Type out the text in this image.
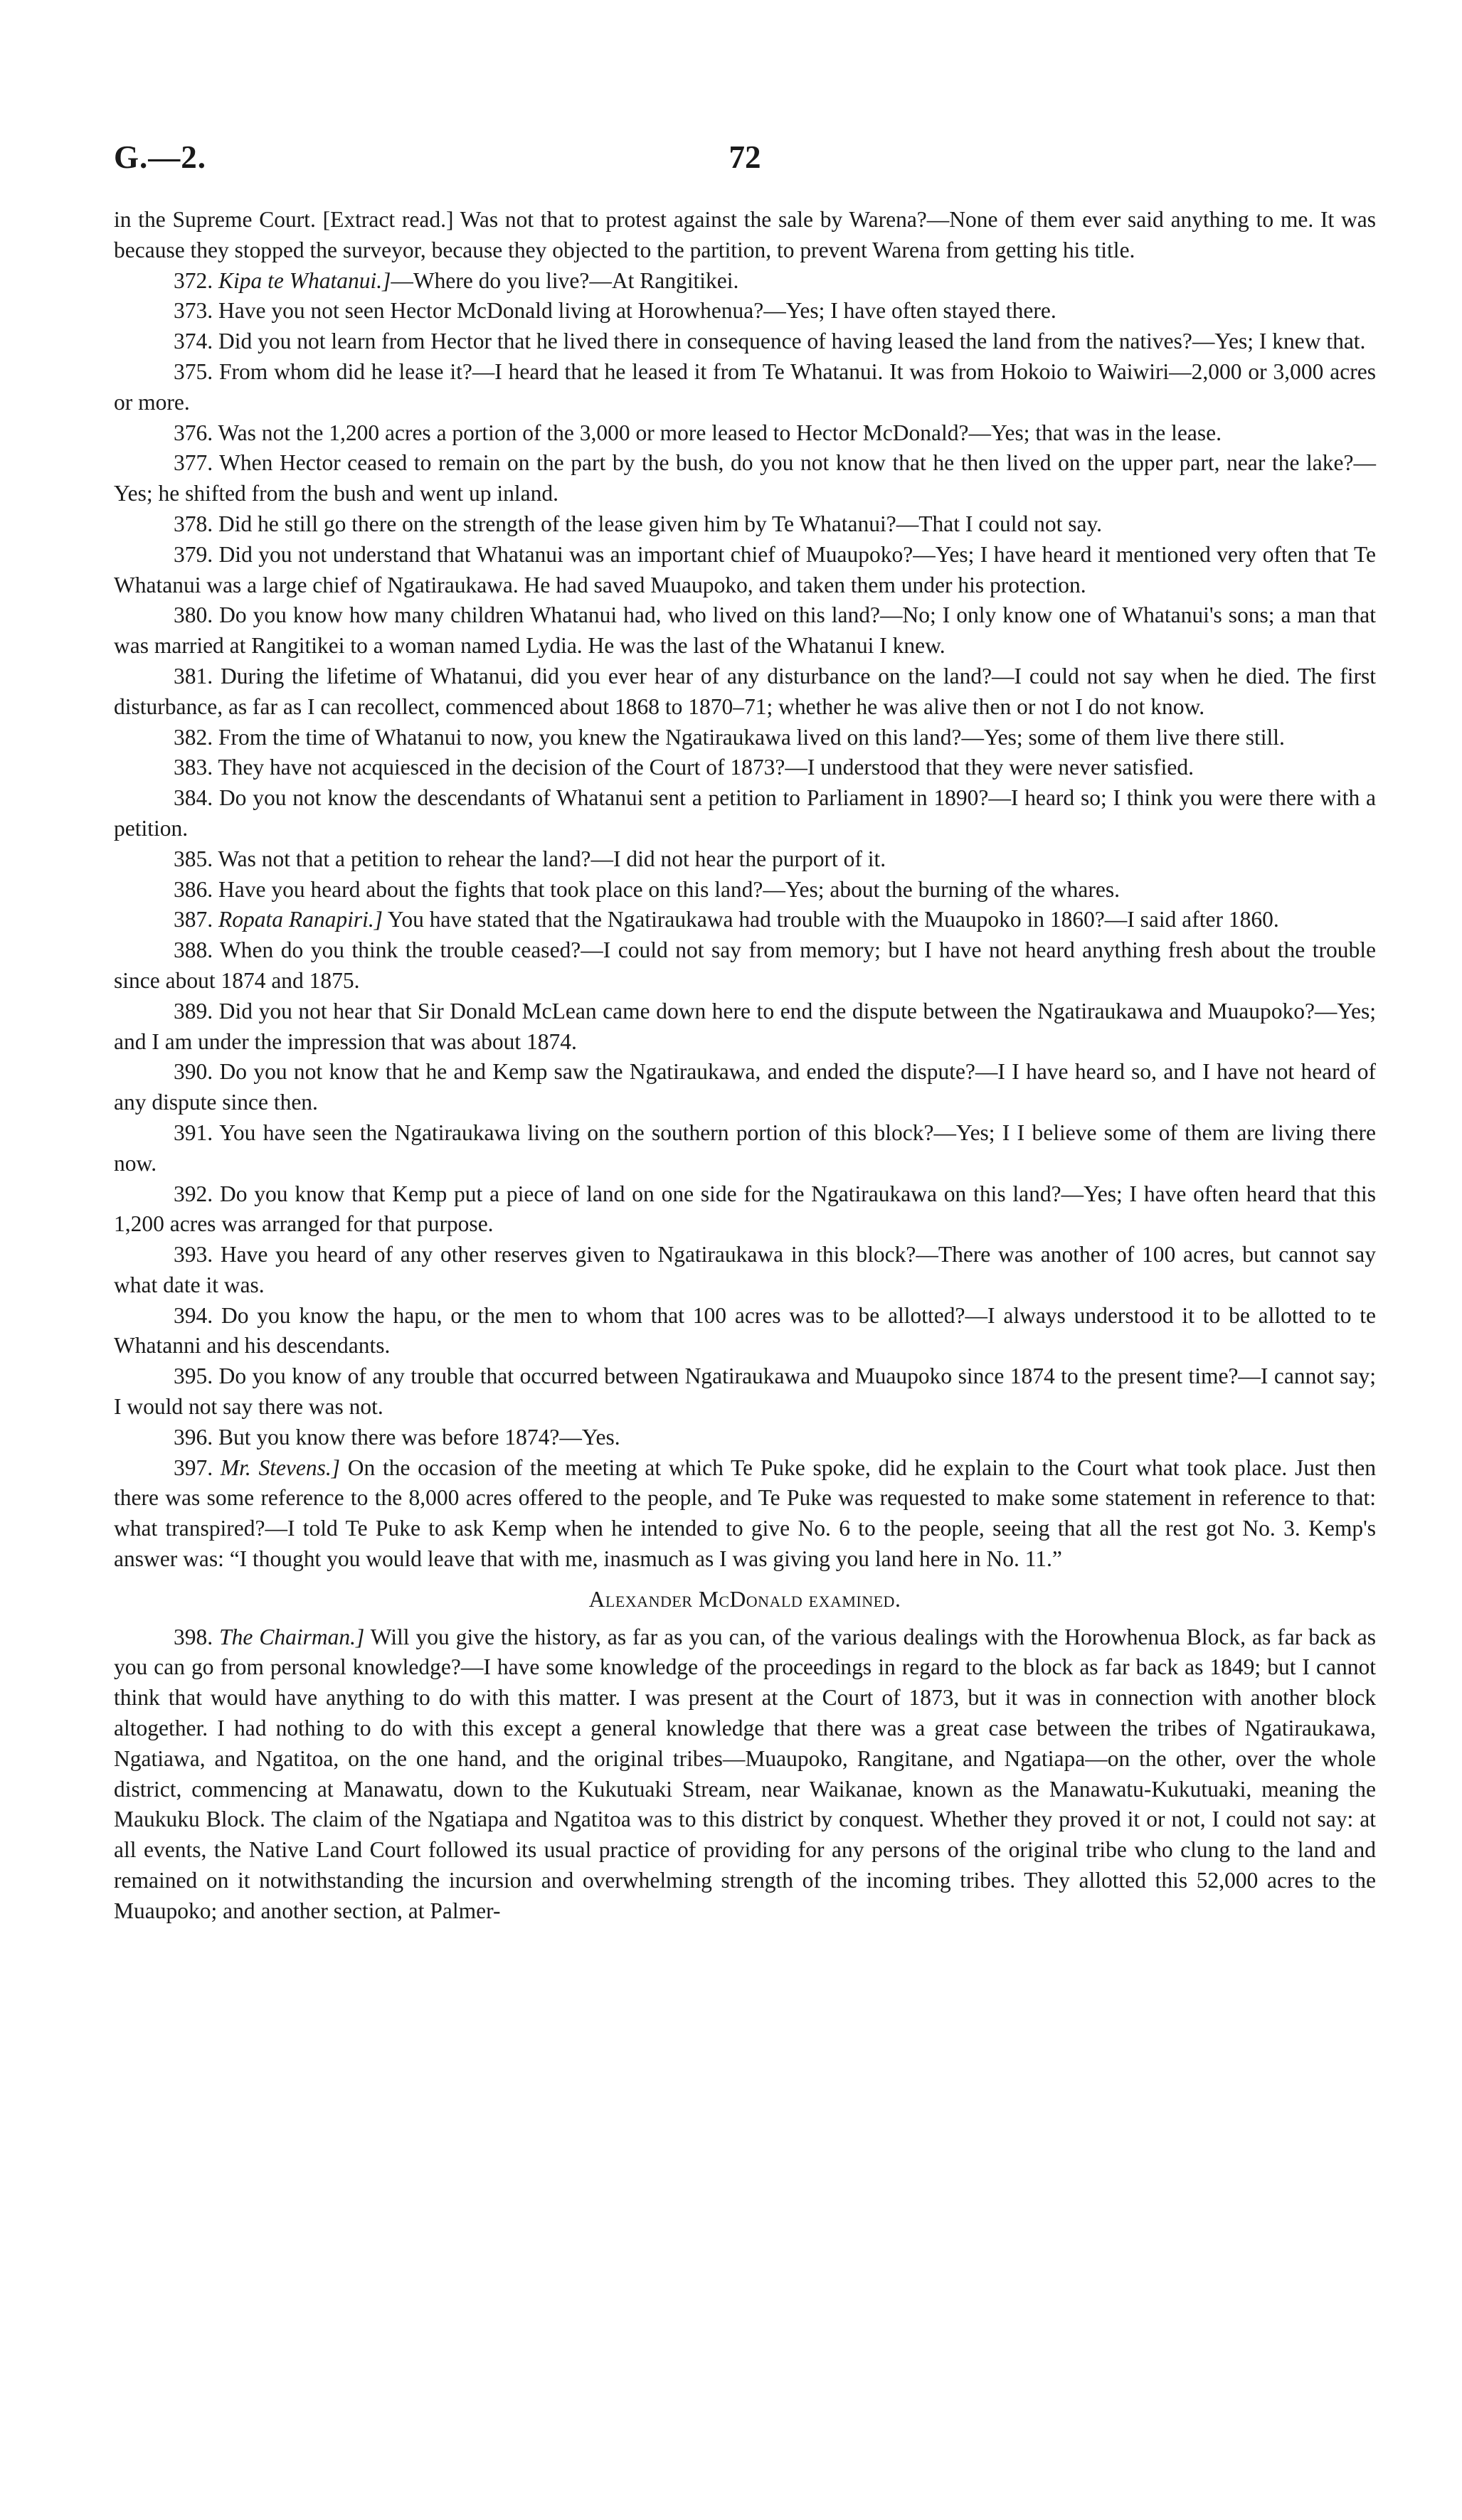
G.—2.	72

in the Supreme Court. [Extract read.] Was not that to protest against the sale by Warena?—None of them ever said anything to me. It was because they stopped the surveyor, because they objected to the partition, to prevent Warena from getting his title.

372. Kipa te Whatanui.]—Where do you live?—At Rangitikei.

373. Have you not seen Hector McDonald living at Horowhenua?—Yes; I have often stayed there.

374. Did you not learn from Hector that he lived there in consequence of having leased the land from the natives?—Yes; I knew that.

375. From whom did he lease it?—I heard that he leased it from Te Whatanui. It was from Hokoio to Waiwiri—2,000 or 3,000 acres or more.

376. Was not the 1,200 acres a portion of the 3,000 or more leased to Hector McDonald?—Yes; that was in the lease.

377. When Hector ceased to remain on the part by the bush, do you not know that he then lived on the upper part, near the lake?—Yes; he shifted from the bush and went up inland.

378. Did he still go there on the strength of the lease given him by Te Whatanui?—That I could not say.

379. Did you not understand that Whatanui was an important chief of Muaupoko?—Yes; I have heard it mentioned very often that Te Whatanui was a large chief of Ngatiraukawa. He had saved Muaupoko, and taken them under his protection.

380. Do you know how many children Whatanui had, who lived on this land?—No; I only know one of Whatanui's sons; a man that was married at Rangitikei to a woman named Lydia. He was the last of the Whatanui I knew.

381. During the lifetime of Whatanui, did you ever hear of any disturbance on the land?—I could not say when he died. The first disturbance, as far as I can recollect, commenced about 1868 to 1870–71; whether he was alive then or not I do not know.

382. From the time of Whatanui to now, you knew the Ngatiraukawa lived on this land?—Yes; some of them live there still.

383. They have not acquiesced in the decision of the Court of 1873?—I understood that they were never satisfied.

384. Do you not know the descendants of Whatanui sent a petition to Parliament in 1890?—I heard so; I think you were there with a petition.

385. Was not that a petition to rehear the land?—I did not hear the purport of it.

386. Have you heard about the fights that took place on this land?—Yes; about the burning of the whares.

387. Ropata Ranapiri.] You have stated that the Ngatiraukawa had trouble with the Muaupoko in 1860?—I said after 1860.

388. When do you think the trouble ceased?—I could not say from memory; but I have not heard anything fresh about the trouble since about 1874 and 1875.

389. Did you not hear that Sir Donald McLean came down here to end the dispute between the Ngatiraukawa and Muaupoko?—Yes; and I am under the impression that was about 1874.

390. Do you not know that he and Kemp saw the Ngatiraukawa, and ended the dispute?—I I have heard so, and I have not heard of any dispute since then.

391. You have seen the Ngatiraukawa living on the southern portion of this block?—Yes; I I believe some of them are living there now.

392. Do you know that Kemp put a piece of land on one side for the Ngatiraukawa on this land?—Yes; I have often heard that this 1,200 acres was arranged for that purpose.

393. Have you heard of any other reserves given to Ngatiraukawa in this block?—There was another of 100 acres, but cannot say what date it was.

394. Do you know the hapu, or the men to whom that 100 acres was to be allotted?—I always understood it to be allotted to te Whatanni and his descendants.

395. Do you know of any trouble that occurred between Ngatiraukawa and Muaupoko since 1874 to the present time?—I cannot say; I would not say there was not.

396. But you know there was before 1874?—Yes.

397. Mr. Stevens.] On the occasion of the meeting at which Te Puke spoke, did he explain to the Court what took place. Just then there was some reference to the 8,000 acres offered to the people, and Te Puke was requested to make some statement in reference to that: what transpired?—I told Te Puke to ask Kemp when he intended to give No. 6 to the people, seeing that all the rest got No. 3. Kemp's answer was: “I thought you would leave that with me, inasmuch as I was giving you land here in No. 11.”

Alexander McDonald examined.

398. The Chairman.] Will you give the history, as far as you can, of the various dealings with the Horowhenua Block, as far back as you can go from personal knowledge?—I have some knowledge of the proceedings in regard to the block as far back as 1849; but I cannot think that would have anything to do with this matter. I was present at the Court of 1873, but it was in connection with another block altogether. I had nothing to do with this except a general knowledge that there was a great case between the tribes of Ngatiraukawa, Ngatiawa, and Ngatitoa, on the one hand, and the original tribes—Muaupoko, Rangitane, and Ngatiapa—on the other, over the whole district, commencing at Manawatu, down to the Kukutuaki Stream, near Waikanae, known as the Manawatu-Kukutuaki, meaning the Maukuku Block. The claim of the Ngatiapa and Ngatitoa was to this district by conquest. Whether they proved it or not, I could not say: at all events, the Native Land Court followed its usual practice of providing for any persons of the original tribe who clung to the land and remained on it notwithstanding the incursion and overwhelming strength of the incoming tribes. They allotted this 52,000 acres to the Muaupoko; and another section, at Palmer-
